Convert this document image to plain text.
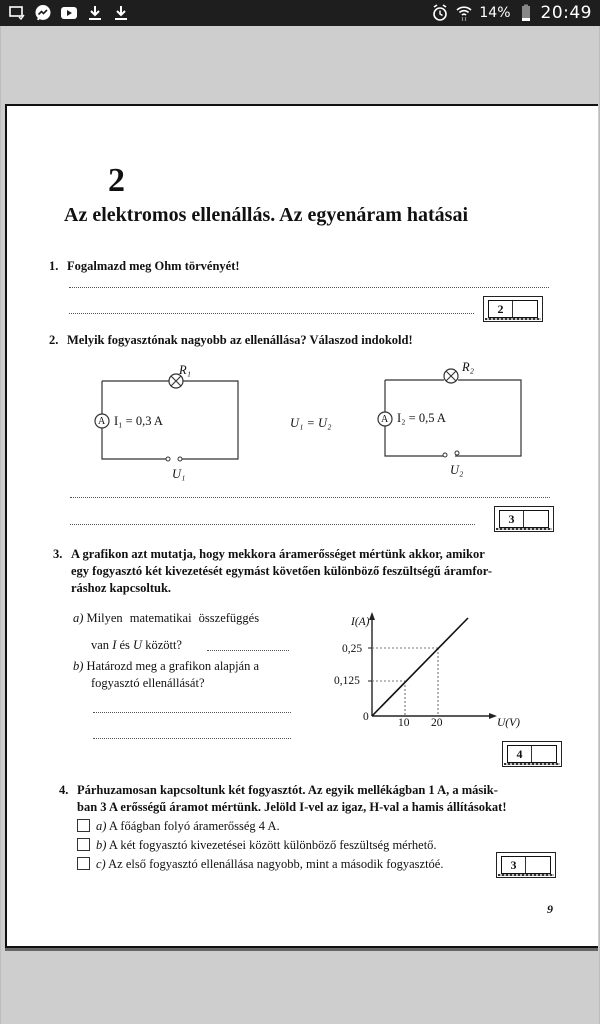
14% 20:49
2
Az elektromos ellenállás. Az egyenáram hatásai
1. Fogalmazd meg Ohm törvényét!
2
2. Melyik fogyasztónak nagyobb az ellenállása? Válaszod indokold!
R₁
A I₁ = 0,3 A
U₁
U₁ = U₂
R₂
A I₂ = 0,5 A
U₂
3
3. A grafikon azt mutatja, hogy mekkora áramerősséget mértünk akkor, amikor
egy fogyasztó két kivezetését egymást követően különböző feszültségű áramfor-
ráshoz kapcsoltuk.
a) Milyen matematikai összefüggés
van I és U között?
b) Határozd meg a grafikon alapján a
fogyasztó ellenállását?
I(A)
0,25
0,125
0	10 20	U(V)
4
4. Párhuzamosan kapcsoltunk két fogyasztót. Az egyik mellékágban 1 A, a másik-
ban 3 A erősségű áramot mértünk. Jelöld I-vel az igaz, H-val a hamis állításokat!
a) A főágban folyó áramerősség 4 A.
b) A két fogyasztó kivezetései között különböző feszültség mérhető.
c) Az első fogyasztó ellenállása nagyobb, mint a második fogyasztóé.	3
9
